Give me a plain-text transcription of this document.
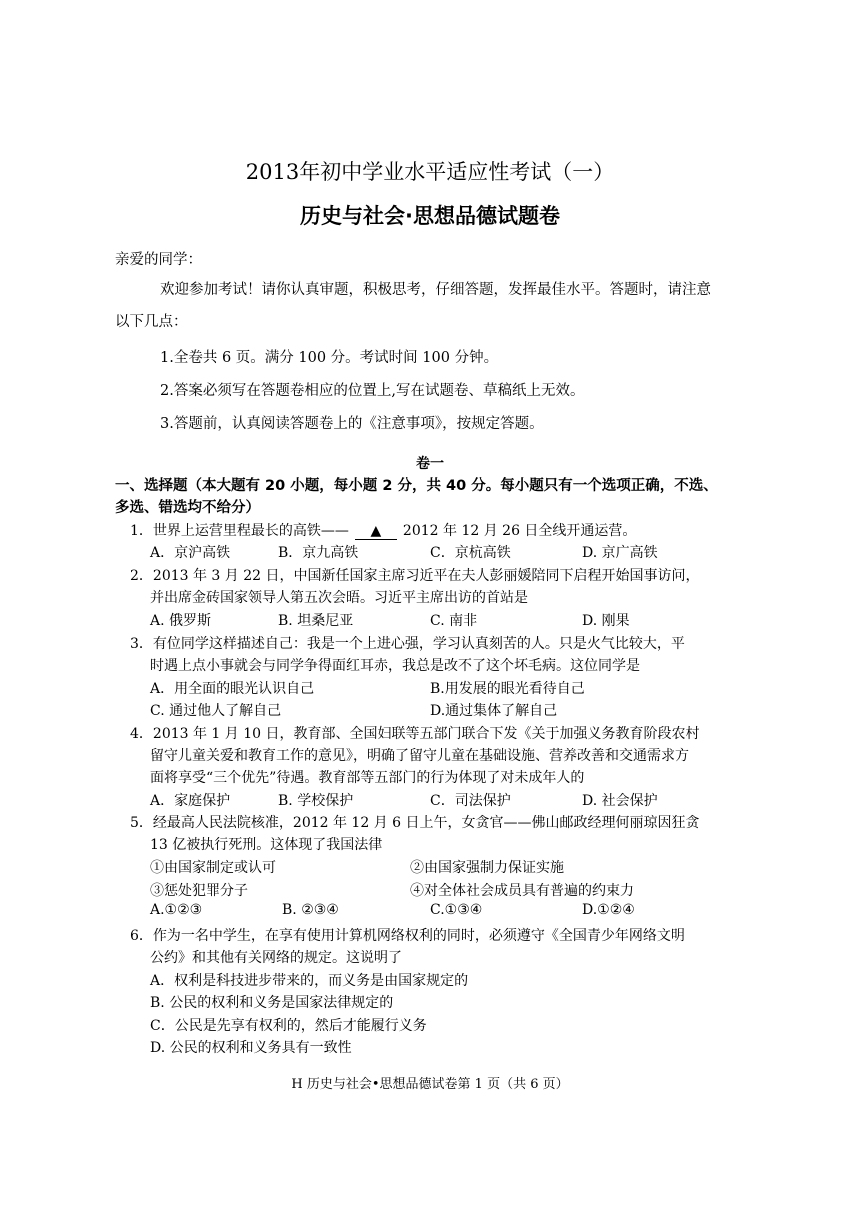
2013年初中学业水平适应性考试（一）
历史与社会·思想品德试题卷
亲爱的同学：
欢迎参加考试！请你认真审题，积极思考，仔细答题，发挥最佳水平。答题时，请注意
以下几点：
1.全卷共 6 页。满分 100 分。考试时间 100 分钟。
2.答案必须写在答题卷相应的位置上,写在试题卷、草稿纸上无效。
3.答题前，认真阅读答题卷上的《注意事项》，按规定答题。
卷一
一、选择题（本大题有 20 小题，每小题 2 分，共 40 分。每小题只有一个选项正确，不选、
多选、错选均不给分）
1．世界上运营里程最长的高铁—— ▲ 2012 年 12 月 26 日全线开通运营。
A．京沪高铁	B．京九高铁	C．京杭高铁	D. 京广高铁
2．2013 年 3 月 22 日，中国新任国家主席习近平在夫人彭丽媛陪同下启程开始国事访问，
并出席金砖国家领导人第五次会晤。习近平主席出访的首站是
A. 俄罗斯	B. 坦桑尼亚	C. 南非	D. 刚果
3．有位同学这样描述自己：我是一个上进心强，学习认真刻苦的人。只是火气比较大，平
时遇上点小事就会与同学争得面红耳赤，我总是改不了这个坏毛病。这位同学是
A．用全面的眼光认识自己	B.用发展的眼光看待自己
C. 通过他人了解自己	D.通过集体了解自己
4．2013 年 1 月 10 日，教育部、全国妇联等五部门联合下发《关于加强义务教育阶段农村
留守儿童关爱和教育工作的意见》，明确了留守儿童在基础设施、营养改善和交通需求方
面将享受“三个优先”待遇。教育部等五部门的行为体现了对未成年人的
A．家庭保护	B. 学校保护	C．司法保护	D. 社会保护
5．经最高人民法院核准，2012 年 12 月 6 日上午，女贪官——佛山邮政经理何丽琼因狂贪
13 亿被执行死刑。这体现了我国法律
①由国家制定或认可	②由国家强制力保证实施
③惩处犯罪分子	④对全体社会成员具有普遍的约束力
A.①②③	B. ②③④	C.①③④	D.①②④
6．作为一名中学生，在享有使用计算机网络权利的同时，必须遵守《全国青少年网络文明
公约》和其他有关网络的规定。这说明了
A．权利是科技进步带来的，而义务是由国家规定的
B. 公民的权利和义务是国家法律规定的
C．公民是先享有权利的，然后才能履行义务
D. 公民的权利和义务具有一致性
H 历史与社会•思想品德试卷第 1 页（共 6 页）
